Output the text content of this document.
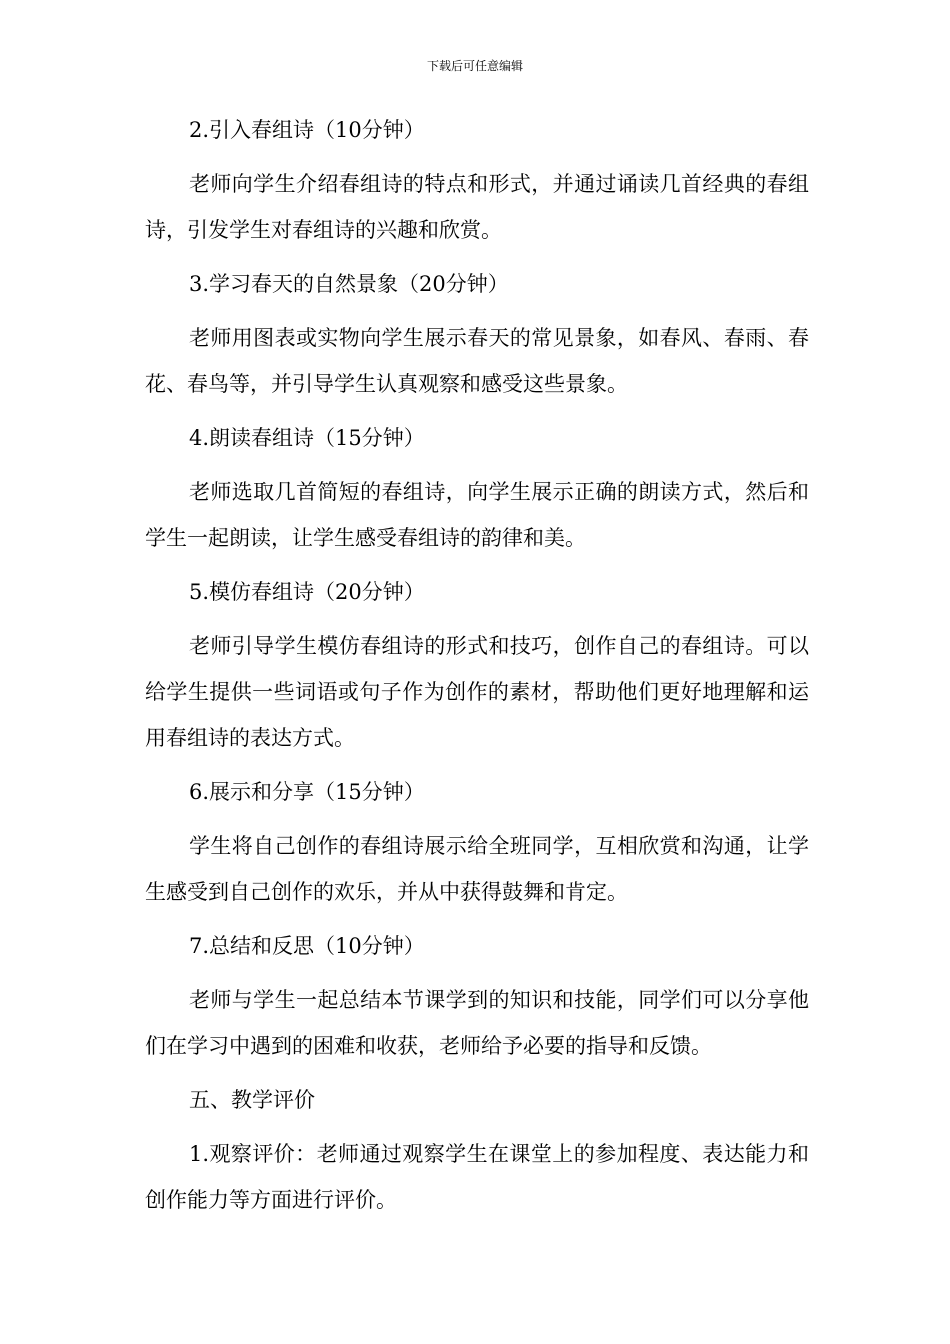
下载后可任意编辑
2.引入春组诗（10分钟）
老师向学生介绍春组诗的特点和形式，并通过诵读几首经典的春组诗，引发学生对春组诗的兴趣和欣赏。
3.学习春天的自然景象（20分钟）
老师用图表或实物向学生展示春天的常见景象，如春风、春雨、春花、春鸟等，并引导学生认真观察和感受这些景象。
4.朗读春组诗（15分钟）
老师选取几首简短的春组诗，向学生展示正确的朗读方式，然后和学生一起朗读，让学生感受春组诗的韵律和美。
5.模仿春组诗（20分钟）
老师引导学生模仿春组诗的形式和技巧，创作自己的春组诗。可以给学生提供一些词语或句子作为创作的素材，帮助他们更好地理解和运用春组诗的表达方式。
6.展示和分享（15分钟）
学生将自己创作的春组诗展示给全班同学，互相欣赏和沟通，让学生感受到自己创作的欢乐，并从中获得鼓舞和肯定。
7.总结和反思（10分钟）
老师与学生一起总结本节课学到的知识和技能，同学们可以分享他们在学习中遇到的困难和收获，老师给予必要的指导和反馈。
五、教学评价
1.观察评价：老师通过观察学生在课堂上的参加程度、表达能力和创作能力等方面进行评价。
